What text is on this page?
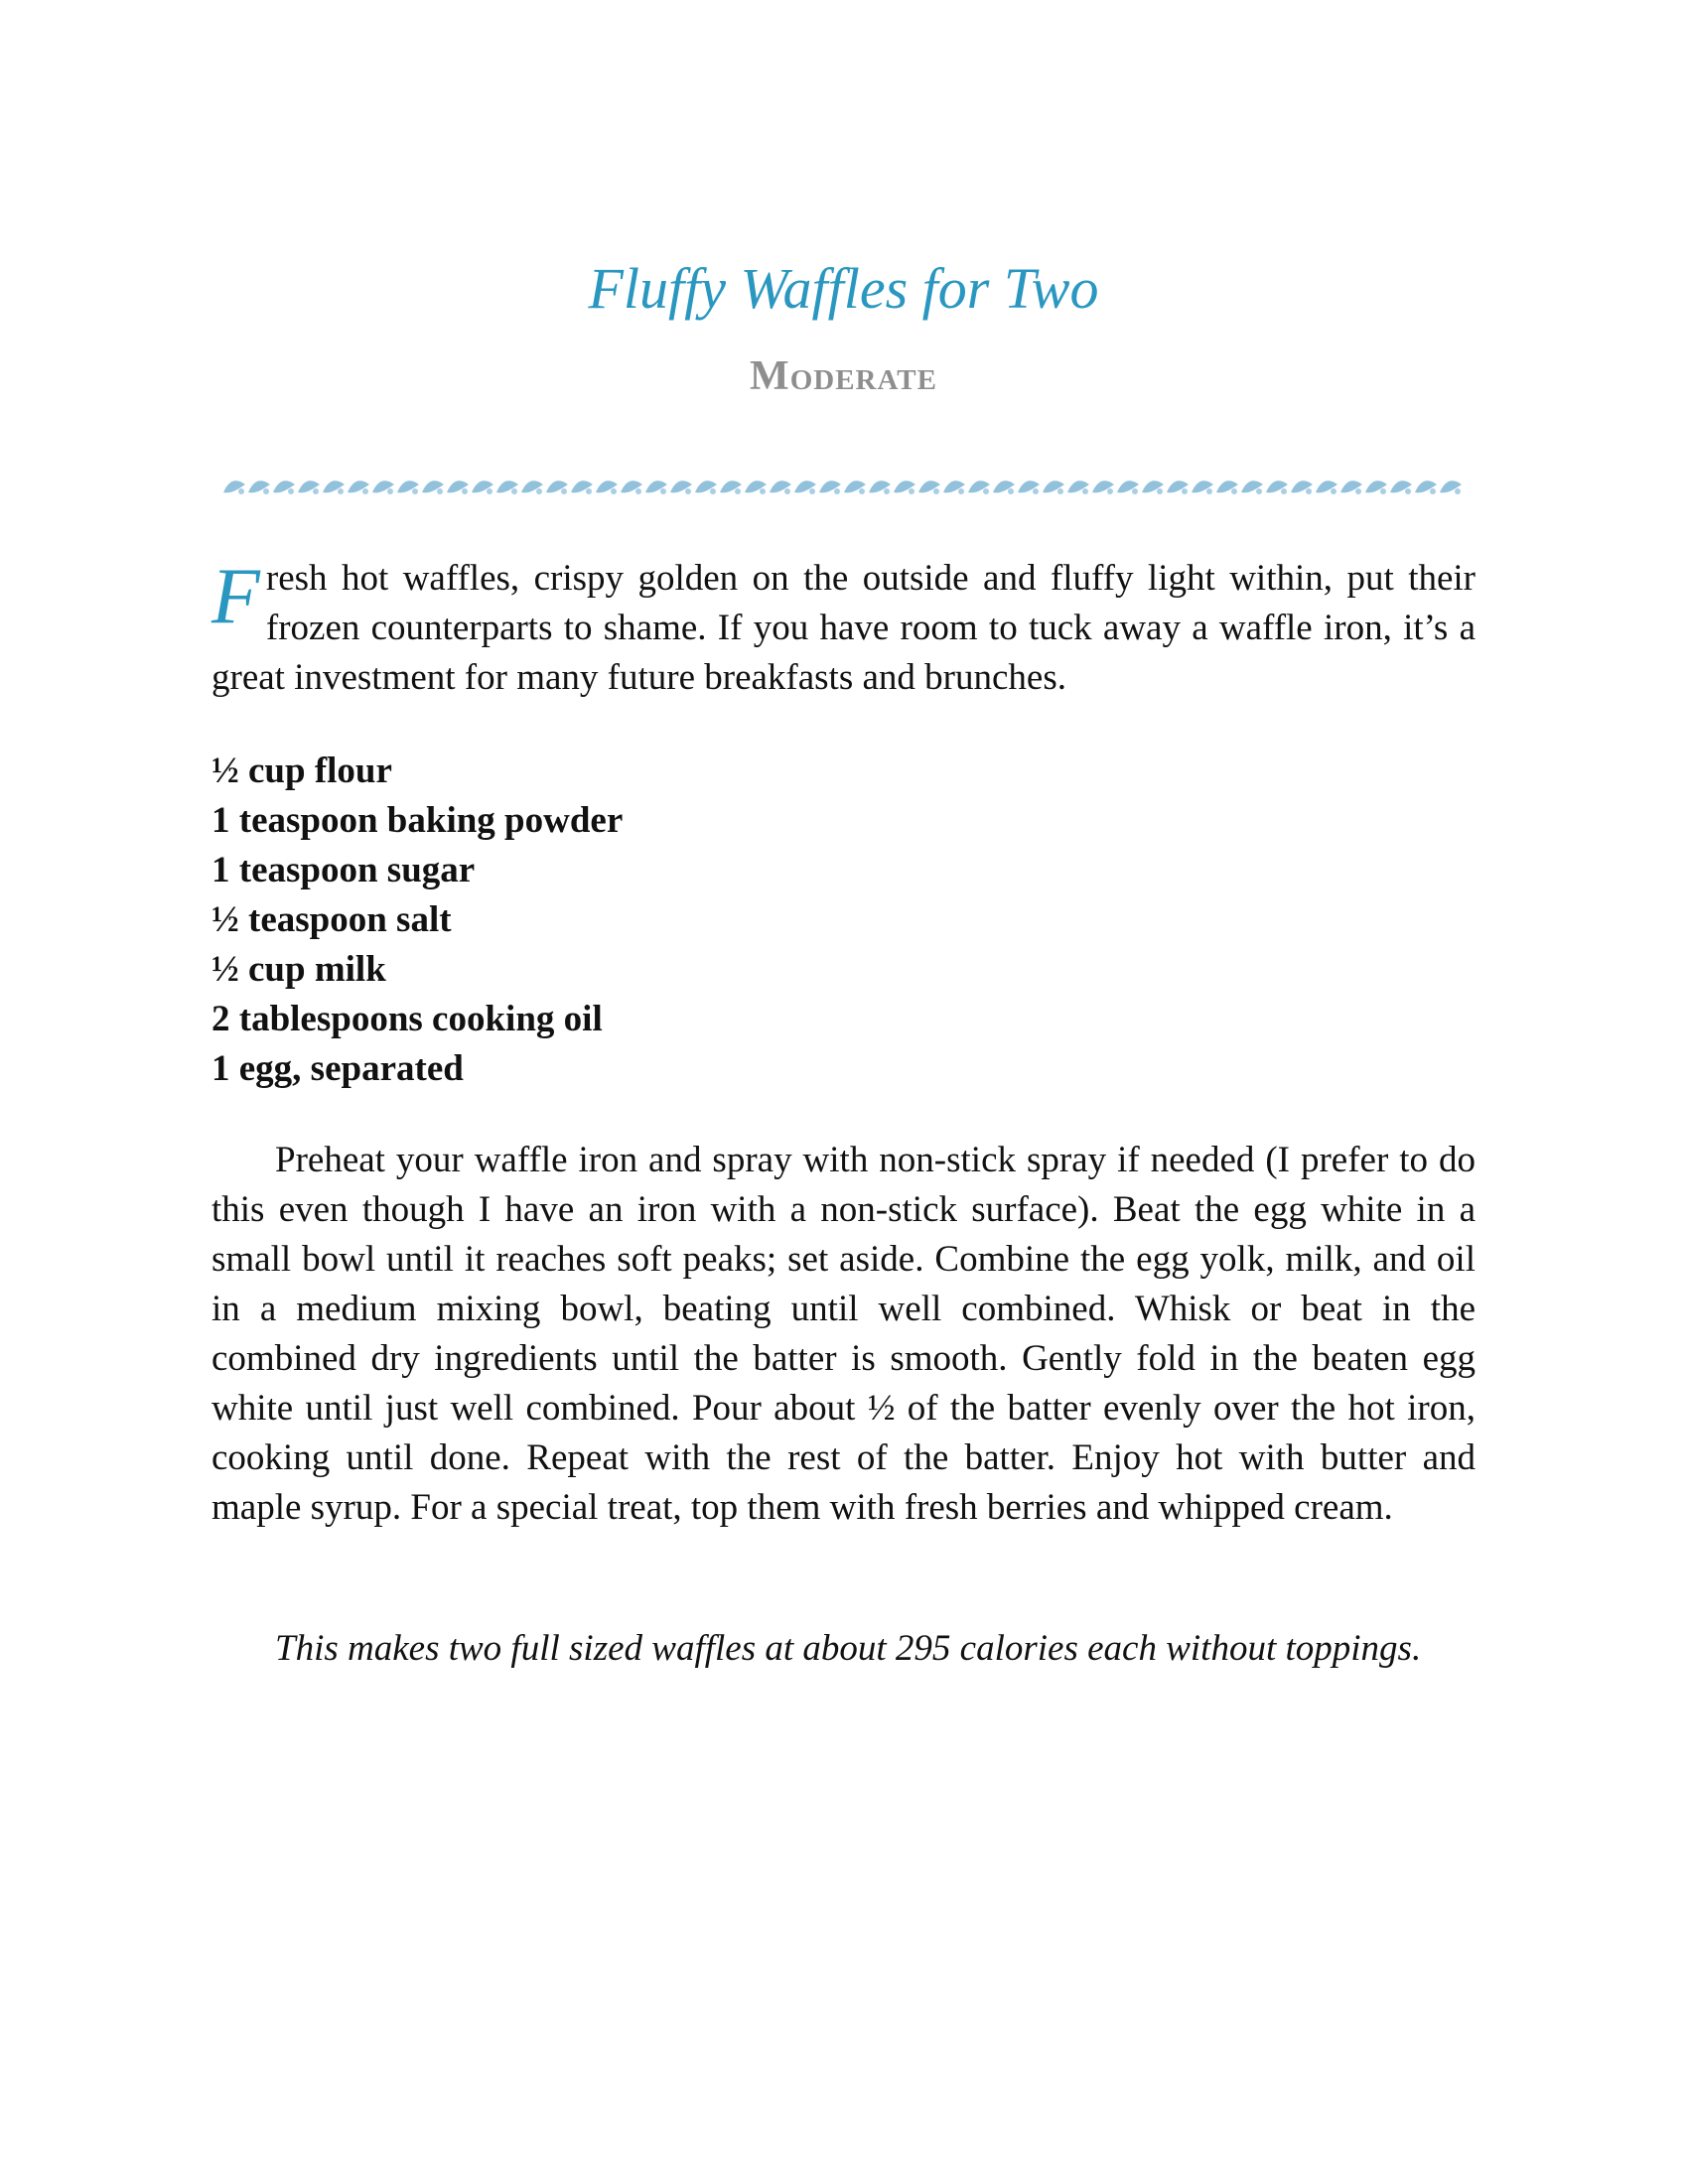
Fluffy Waffles for Two
Moderate

Fresh hot waffles, crispy golden on the outside and fluffy light within, put their frozen counterparts to shame. If you have room to tuck away a waffle iron, it’s a great investment for many future breakfasts and brunches.

½ cup flour
1 teaspoon baking powder
1 teaspoon sugar
½ teaspoon salt
½ cup milk
2 tablespoons cooking oil
1 egg, separated

Preheat your waffle iron and spray with non-stick spray if needed (I prefer to do this even though I have an iron with a non-stick surface). Beat the egg white in a small bowl until it reaches soft peaks; set aside. Combine the egg yolk, milk, and oil in a medium mixing bowl, beating until well combined. Whisk or beat in the combined dry ingredients until the batter is smooth. Gently fold in the beaten egg white until just well combined. Pour about ½ of the batter evenly over the hot iron, cooking until done. Repeat with the rest of the batter. Enjoy hot with butter and maple syrup. For a special treat, top them with fresh berries and whipped cream.

This makes two full sized waffles at about 295 calories each without toppings.
